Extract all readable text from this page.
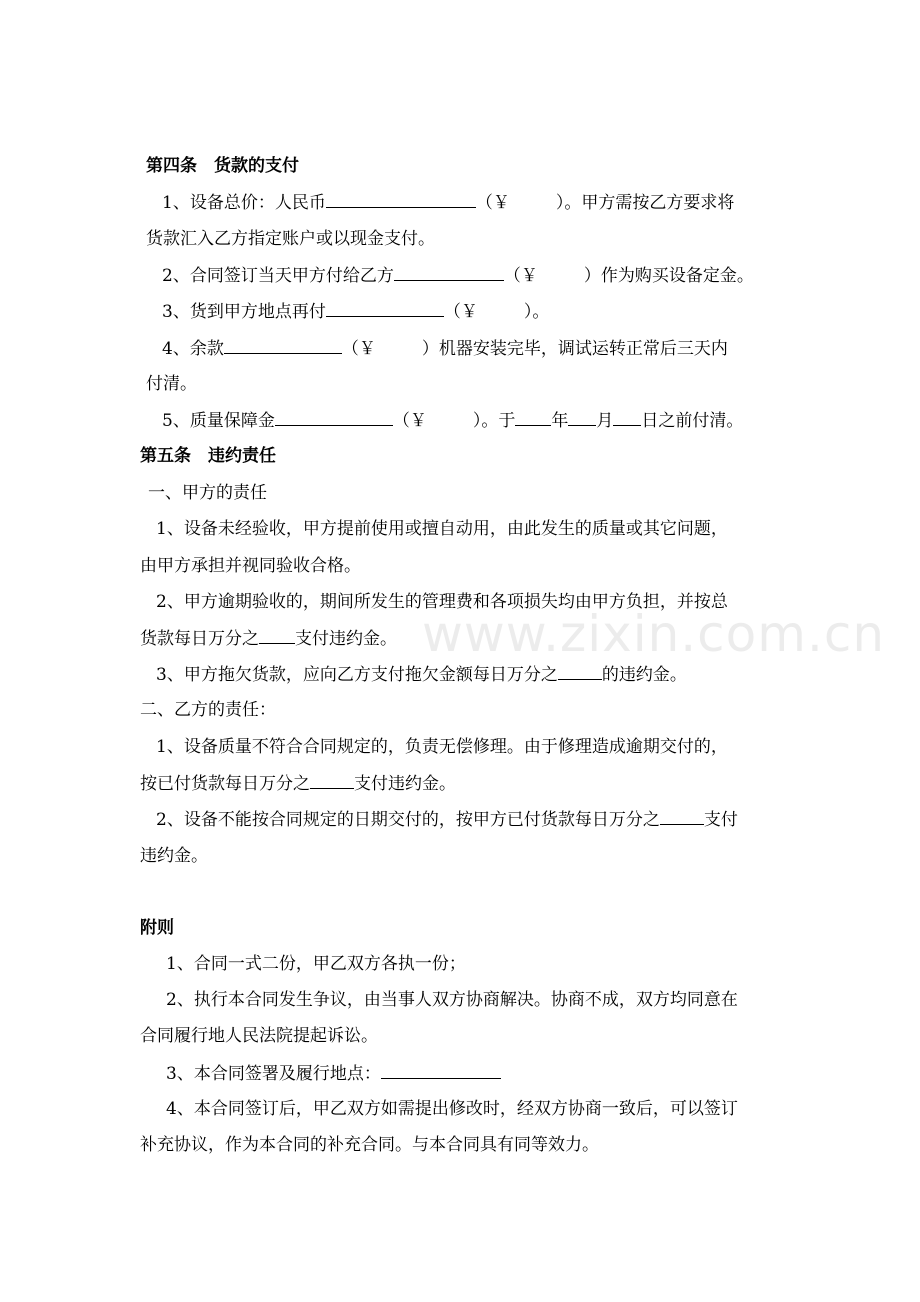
www.zixin.com.cn
第四条　货款的支付
1、设备总价：人民币	（￥	）。甲方需按乙方要求将
货款汇入乙方指定账户或以现金支付。
2、合同签订当天甲方付给乙方	（￥	）作为购买设备定金。
3、货到甲方地点再付	（￥	）。
4、余款	（￥	）机器安装完毕，调试运转正常后三天内
付清。
5、质量保障金	（￥	）。于 年 月 日之前付清。
第五条　违约责任
一、甲方的责任
1、设备未经验收，甲方提前使用或擅自动用，由此发生的质量或其它问题，
由甲方承担并视同验收合格。
2、甲方逾期验收的，期间所发生的管理费和各项损失均由甲方负担，并按总
货款每日万分之 支付违约金。
3、甲方拖欠货款，应向乙方支付拖欠金额每日万分之	的违约金。
二、乙方的责任：
1、设备质量不符合合同规定的，负责无偿修理。由于修理造成逾期交付的，
按已付货款每日万分之	支付违约金。
2、设备不能按合同规定的日期交付的，按甲方已付货款每日万分之	支付
违约金。
附则
1、合同一式二份，甲乙双方各执一份；
2、执行本合同发生争议，由当事人双方协商解决。协商不成，双方均同意在
合同履行地人民法院提起诉讼。
3、本合同签署及履行地点：
4、本合同签订后，甲乙双方如需提出修改时，经双方协商一致后，可以签订
补充协议，作为本合同的补充合同。与本合同具有同等效力。
